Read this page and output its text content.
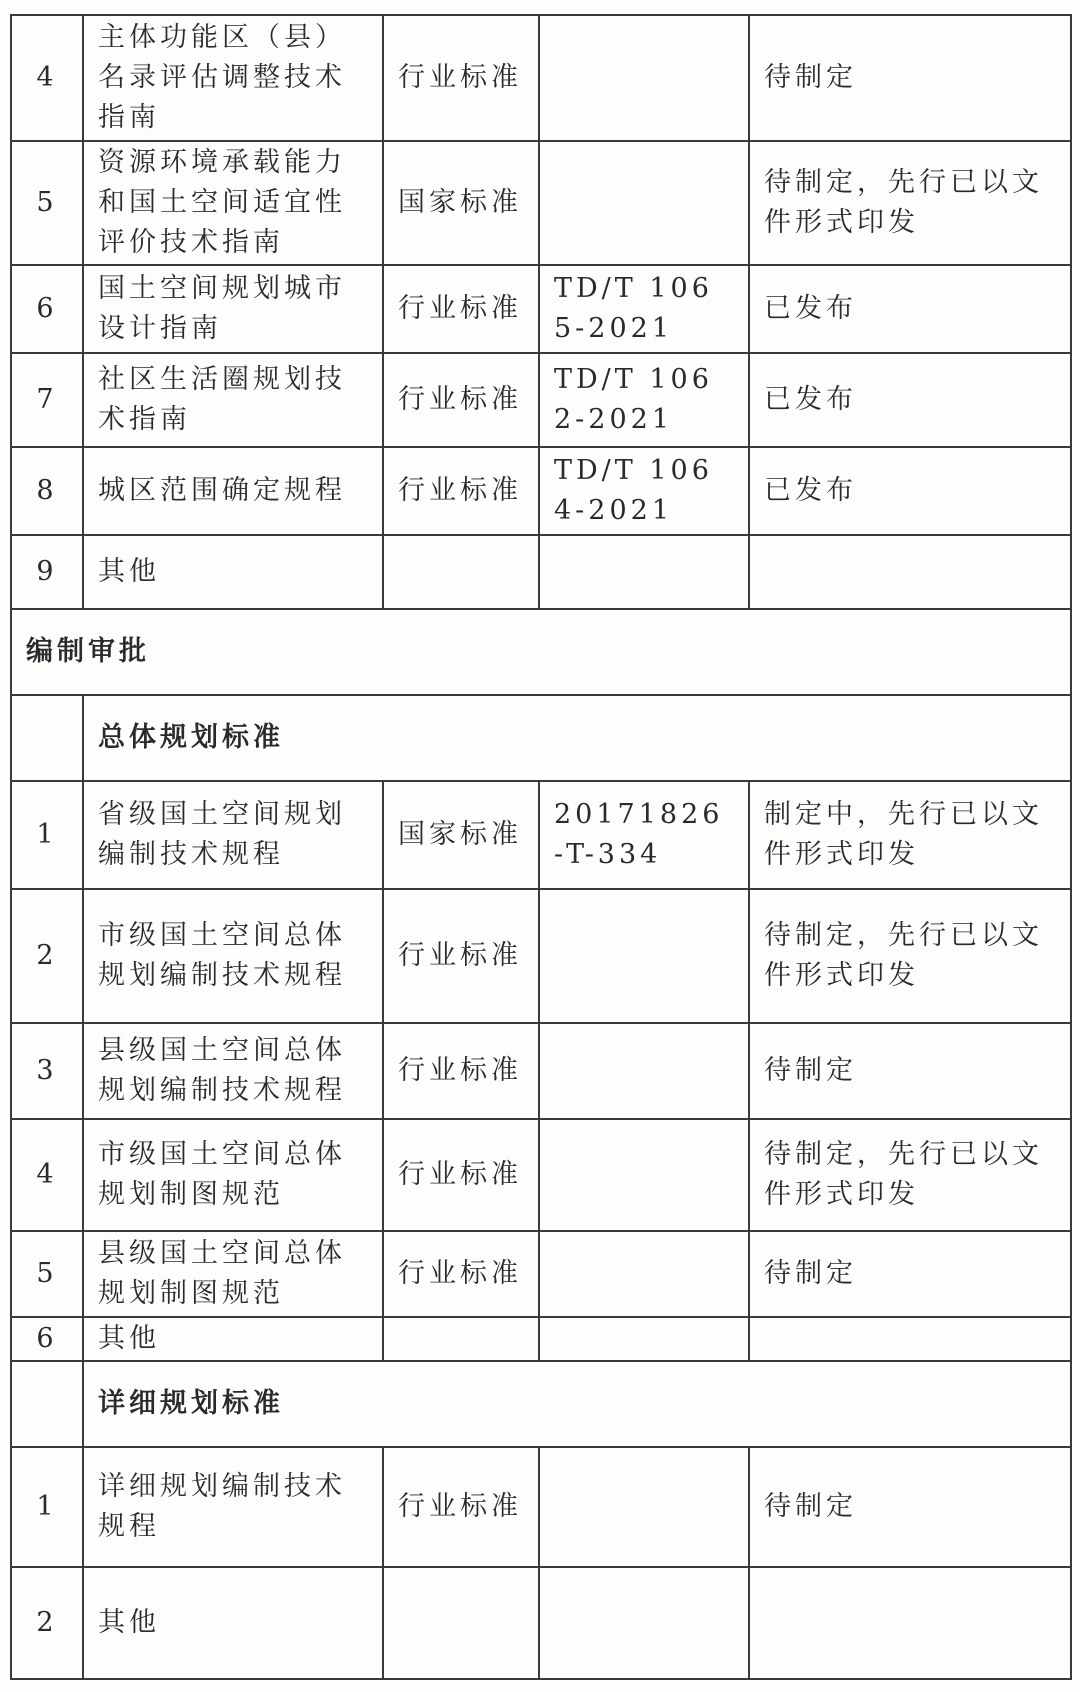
4	主体功能区（县）名录评估调整技术指南	行业标准		待制定
5	资源环境承载能力和国土空间适宜性评价技术指南	国家标准		待制定，先行已以文件形式印发
6	国土空间规划城市设计指南	行业标准	TD/T 1065-2021	已发布
7	社区生活圈规划技术指南	行业标准	TD/T 1062-2021	已发布
8	城区范围确定规程	行业标准	TD/T 1064-2021	已发布
9	其他			
编制审批				
	总体规划标准			
1	省级国土空间规划编制技术规程	国家标准	20171826-T-334	制定中，先行已以文件形式印发
2	市级国土空间总体规划编制技术规程	行业标准		待制定，先行已以文件形式印发
3	县级国土空间总体规划编制技术规程	行业标准		待制定
4	市级国土空间总体规划制图规范	行业标准		待制定，先行已以文件形式印发
5	县级国土空间总体规划制图规范	行业标准		待制定
6	其他			
	详细规划标准			
1	详细规划编制技术规程	行业标准		待制定
2	其他			
